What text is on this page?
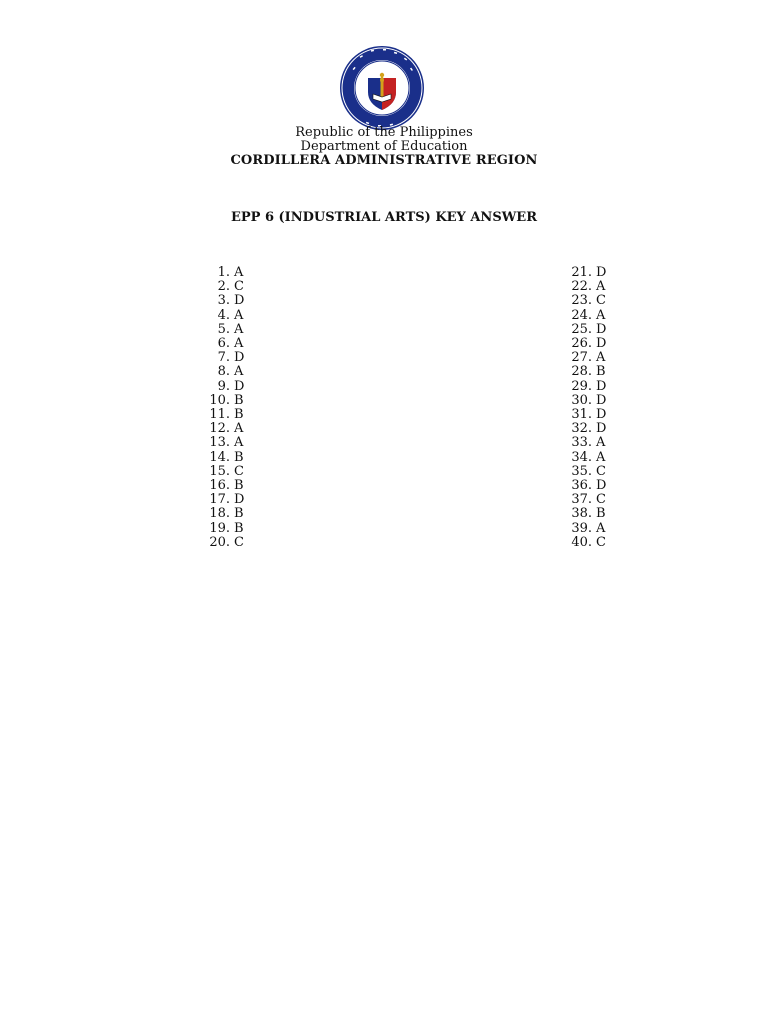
Republic of the Philippines
Department of Education
CORDILLERA ADMINISTRATIVE REGION
EPP 6 (INDUSTRIAL ARTS) KEY ANSWER
1. A
2. C
3. D
4. A
5. A
6. A
7. D
8. A
9. D
10. B
11. B
12. A
13. A
14. B
15. C
16. B
17. D
18. B
19. B
20. C
21. D
22. A
23. C
24. A
25. D
26. D
27. A
28. B
29. D
30. D
31. D
32. D
33. A
34. A
35. C
36. D
37. C
38. B
39. A
40. C
